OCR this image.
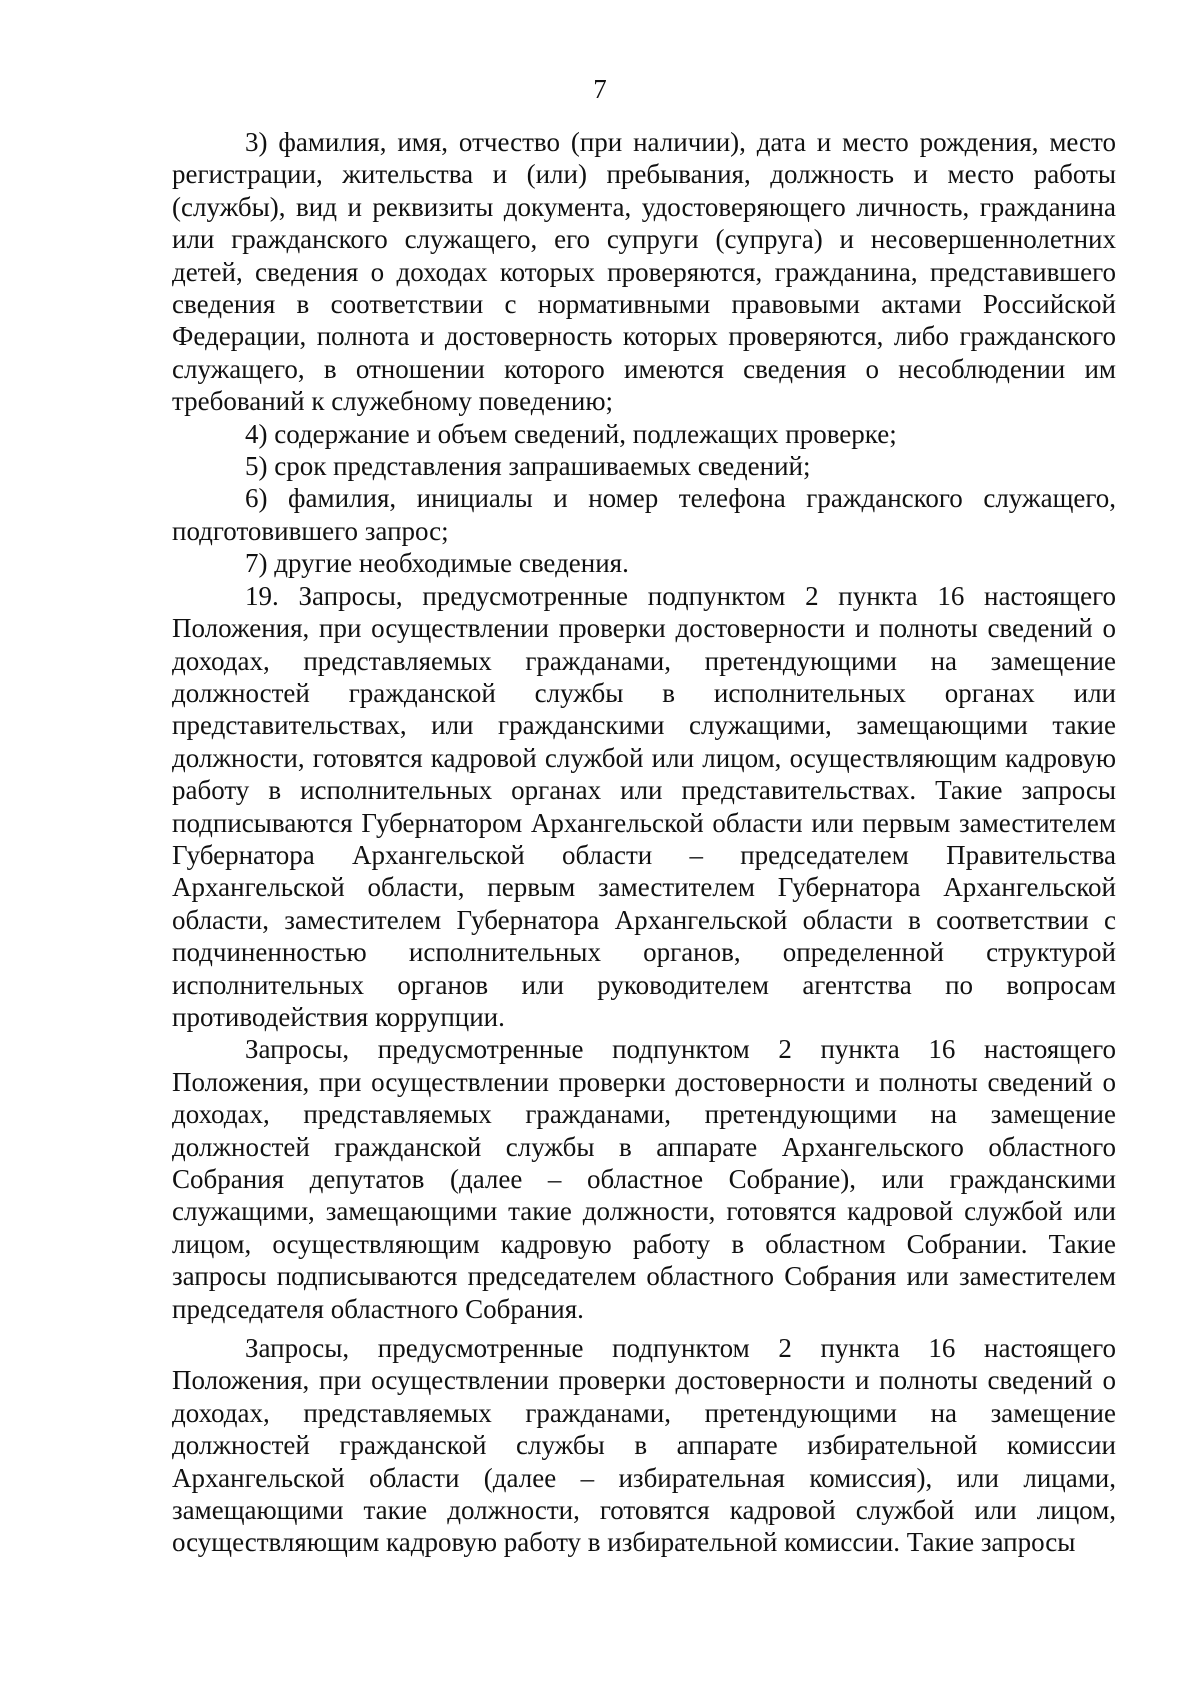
7

3) фамилия, имя, отчество (при наличии), дата и место рождения, место регистрации, жительства и (или) пребывания, должность и место работы (службы), вид и реквизиты документа, удостоверяющего личность, гражданина или гражданского служащего, его супруги (супруга) и несовершеннолетних детей, сведения о доходах которых проверяются, гражданина, представившего сведения в соответствии с нормативными правовыми актами Российской Федерации, полнота и достоверность которых проверяются, либо гражданского служащего, в отношении которого имеются сведения о несоблюдении им требований к служебному поведению;

4) содержание и объем сведений, подлежащих проверке;

5) срок представления запрашиваемых сведений;

6) фамилия, инициалы и номер телефона гражданского служащего, подготовившего запрос;

7) другие необходимые сведения.

19. Запросы, предусмотренные подпунктом 2 пункта 16 настоящего Положения, при осуществлении проверки достоверности и полноты сведений о доходах, представляемых гражданами, претендующими на замещение должностей гражданской службы в исполнительных органах или представительствах, или гражданскими служащими, замещающими такие должности, готовятся кадровой службой или лицом, осуществляющим кадровую работу в исполнительных органах или представительствах. Такие запросы подписываются Губернатором Архангельской области или первым заместителем Губернатора Архангельской области – председателем Правительства Архангельской области, первым заместителем Губернатора Архангельской области, заместителем Губернатора Архангельской области в соответствии с подчиненностью исполнительных органов, определенной структурой исполнительных органов или руководителем агентства по вопросам противодействия коррупции.

Запросы, предусмотренные подпунктом 2 пункта 16 настоящего Положения, при осуществлении проверки достоверности и полноты сведений о доходах, представляемых гражданами, претендующими на замещение должностей гражданской службы в аппарате Архангельского областного Собрания депутатов (далее – областное Собрание), или гражданскими служащими, замещающими такие должности, готовятся кадровой службой или лицом, осуществляющим кадровую работу в областном Собрании. Такие запросы подписываются председателем областного Собрания или заместителем председателя областного Собрания.

Запросы, предусмотренные подпунктом 2 пункта 16 настоящего Положения, при осуществлении проверки достоверности и полноты сведений о доходах, представляемых гражданами, претендующими на замещение должностей гражданской службы в аппарате избирательной комиссии Архангельской области (далее – избирательная комиссия), или лицами, замещающими такие должности, готовятся кадровой службой или лицом, осуществляющим кадровую работу в избирательной комиссии. Такие запросы
